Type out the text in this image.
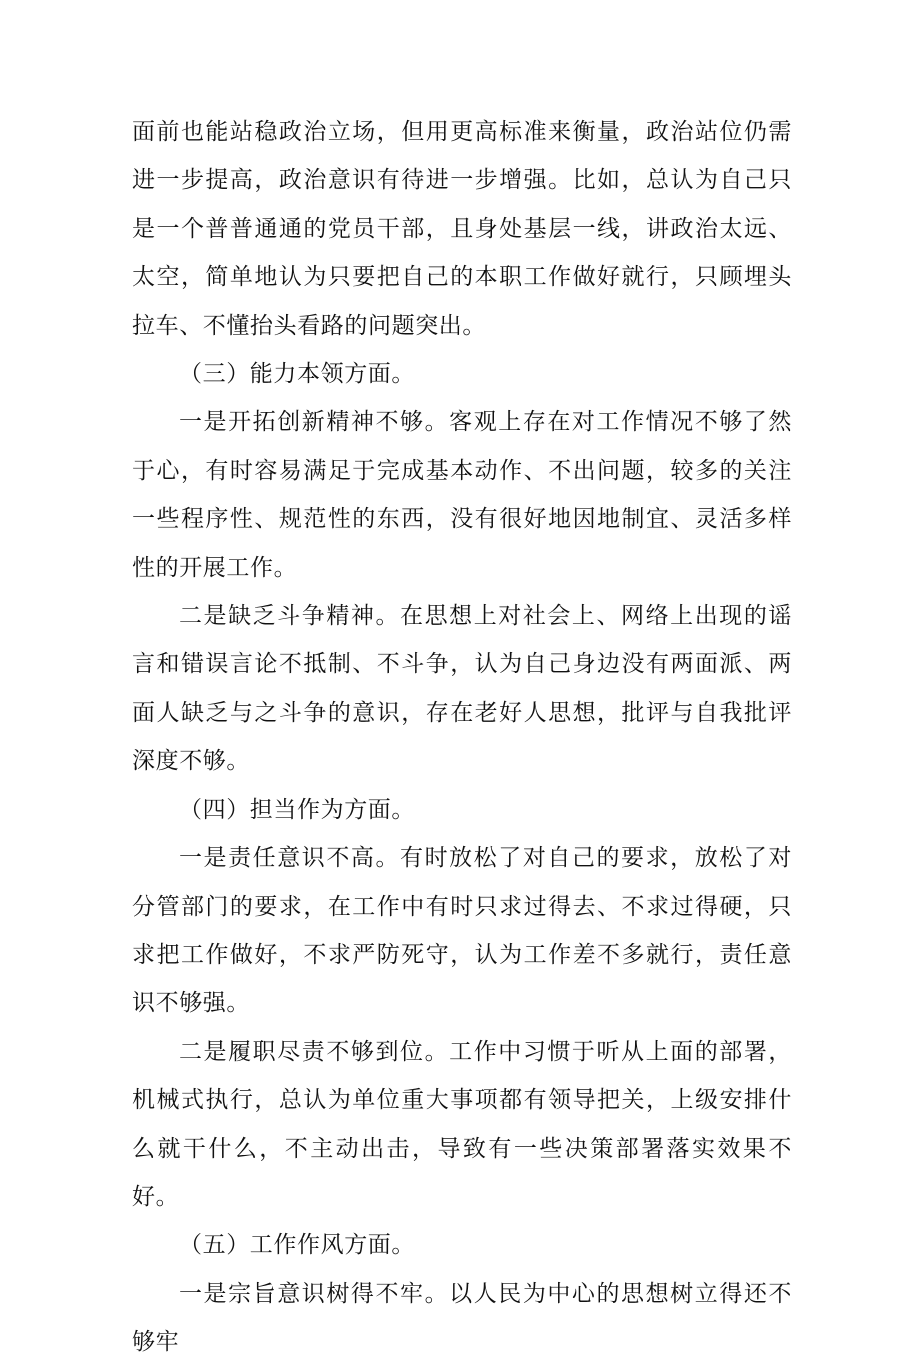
面前也能站稳政治立场，但用更高标准来衡量，政治站位仍需进一步提高，政治意识有待进一步增强。比如，总认为自己只是一个普普通通的党员干部，且身处基层一线，讲政治太远、太空，简单地认为只要把自己的本职工作做好就行，只顾埋头拉车、不懂抬头看路的问题突出。

（三）能力本领方面。

一是开拓创新精神不够。客观上存在对工作情况不够了然于心，有时容易满足于完成基本动作、不出问题，较多的关注一些程序性、规范性的东西，没有很好地因地制宜、灵活多样性的开展工作。

二是缺乏斗争精神。在思想上对社会上、网络上出现的谣言和错误言论不抵制、不斗争，认为自己身边没有两面派、两面人缺乏与之斗争的意识，存在老好人思想，批评与自我批评深度不够。

（四）担当作为方面。

一是责任意识不高。有时放松了对自己的要求，放松了对分管部门的要求，在工作中有时只求过得去、不求过得硬，只求把工作做好，不求严防死守，认为工作差不多就行，责任意识不够强。

二是履职尽责不够到位。工作中习惯于听从上面的部署，机械式执行，总认为单位重大事项都有领导把关，上级安排什么就干什么，不主动出击，导致有一些决策部署落实效果不好。

（五）工作作风方面。

一是宗旨意识树得不牢。以人民为中心的思想树立得还不够牢
